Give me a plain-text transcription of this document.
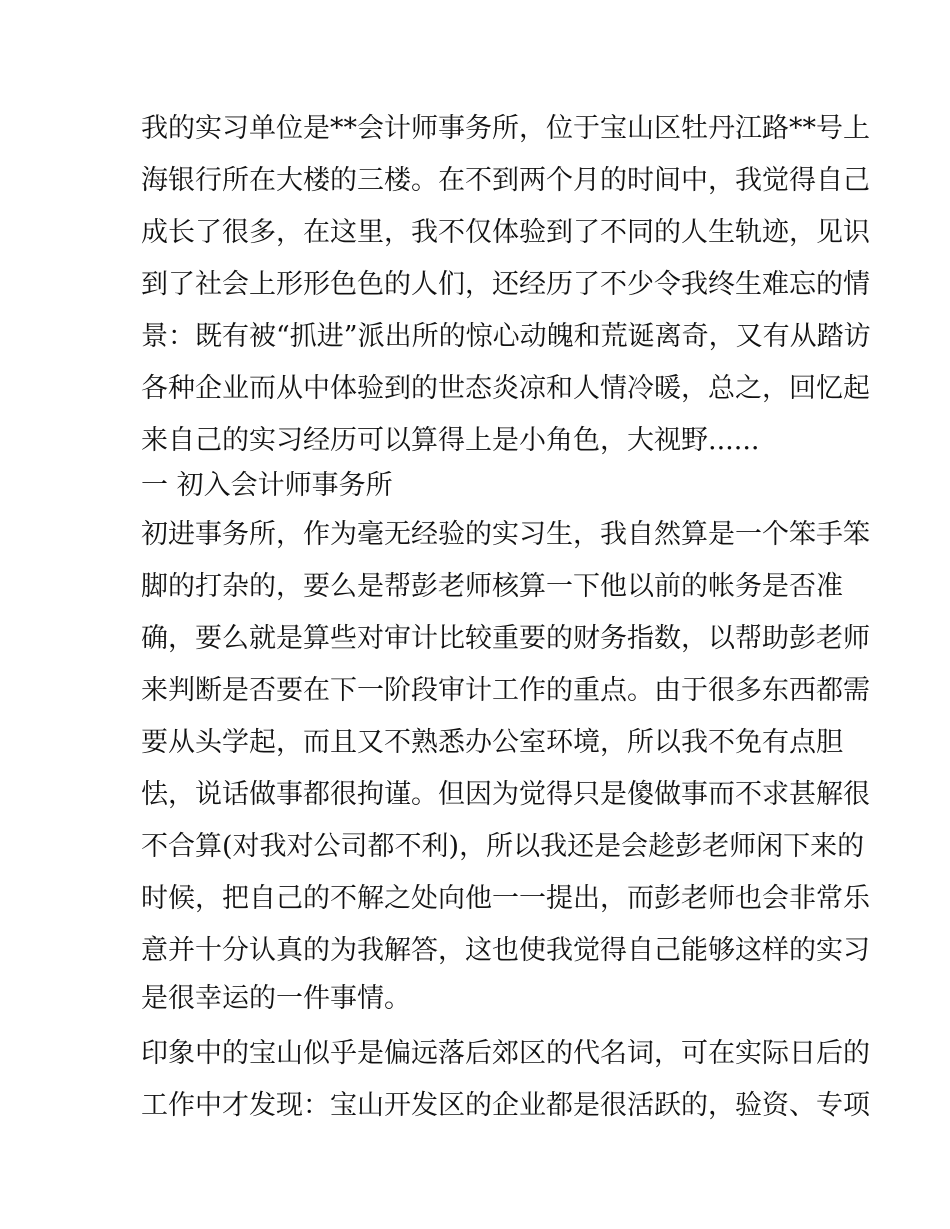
我的实习单位是**会计师事务所，位于宝山区牡丹江路**号上
海银行所在大楼的三楼。在不到两个月的时间中，我觉得自己
成长了很多，在这里，我不仅体验到了不同的人生轨迹，见识
到了社会上形形色色的人们，还经历了不少令我终生难忘的情
景：既有被“抓进”派出所的惊心动魄和荒诞离奇，又有从踏访
各种企业而从中体验到的世态炎凉和人情冷暖，总之，回忆起
来自己的实习经历可以算得上是小角色，大视野......
一 初入会计师事务所
初进事务所，作为毫无经验的实习生，我自然算是一个笨手笨
脚的打杂的，要么是帮彭老师核算一下他以前的帐务是否准
确，要么就是算些对审计比较重要的财务指数，以帮助彭老师
来判断是否要在下一阶段审计工作的重点。由于很多东西都需
要从头学起，而且又不熟悉办公室环境，所以我不免有点胆
怯，说话做事都很拘谨。但因为觉得只是傻做事而不求甚解很
不合算(对我对公司都不利)，所以我还是会趁彭老师闲下来的
时候，把自己的不解之处向他一一提出，而彭老师也会非常乐
意并十分认真的为我解答，这也使我觉得自己能够这样的实习
是很幸运的一件事情。
印象中的宝山似乎是偏远落后郊区的代名词，可在实际日后的
工作中才发现：宝山开发区的企业都是很活跃的，验资、专项
